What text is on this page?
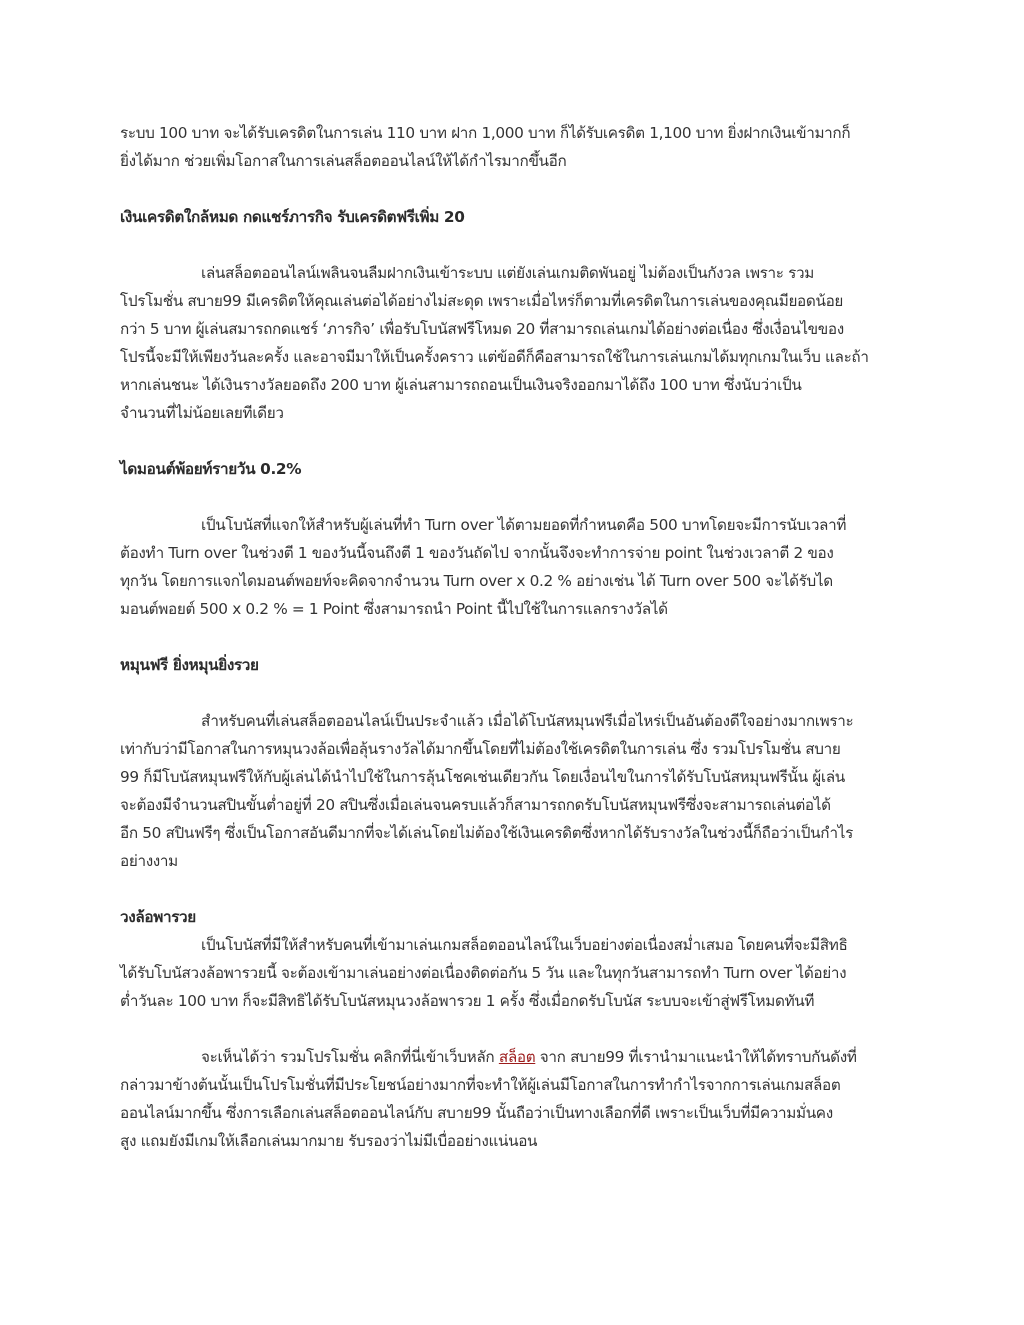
ระบบ 100 บาท จะได้รับเครดิตในการเล่น 110 บาท ฝาก 1,000 บาท ก็ได้รับเครดิต 1,100 บาท ยิ่งฝากเงินเข้ามากก็
ยิ่งได้มาก ช่วยเพิ่มโอกาสในการเล่นสล็อตออนไลน์ให้ได้กำไรมากขึ้นอีก

เงินเครดิตใกล้หมด กดแชร์ภารกิจ รับเครดิตฟรีเพิ่ม 20

เล่นสล็อตออนไลน์เพลินจนลืมฝากเงินเข้าระบบ แต่ยังเล่นเกมติดพันอยู่ ไม่ต้องเป็นกังวล เพราะ รวม
โปรโมชั่น สบาย99 มีเครดิตให้คุณเล่นต่อได้อย่างไม่สะดุด เพราะเมื่อไหร่ก็ตามที่เครดิตในการเล่นของคุณมียอดน้อย
กว่า 5 บาท ผู้เล่นสมารถกดแชร์ ‘ภารกิจ’ เพื่อรับโบนัสฟรีโหมด 20 ที่สามารถเล่นเกมได้อย่างต่อเนื่อง ซึ่งเงื่อนไขของ
โปรนี้จะมีให้เพียงวันละครั้ง และอาจมีมาให้เป็นครั้งคราว แต่ข้อดีก็คือสามารถใช้ในการเล่นเกมได้มทุกเกมในเว็บ และถ้า
หากเล่นชนะ ได้เงินรางวัลยอดถึง 200 บาท ผู้เล่นสามารถถอนเป็นเงินจริงออกมาได้ถึง 100 บาท ซึ่งนับว่าเป็น
จำนวนที่ไม่น้อยเลยทีเดียว

ไดมอนต์พ้อยท์รายวัน 0.2%

เป็นโบนัสที่แจกให้สำหรับผู้เล่นที่ทำ Turn over ได้ตามยอดที่กำหนดคือ 500 บาทโดยจะมีการนับเวลาที่
ต้องทำ Turn over ในช่วงตี 1 ของวันนี้จนถึงตี 1 ของวันถัดไป จากนั้นจึงจะทำการจ่าย point ในช่วงเวลาตี 2 ของ
ทุกวัน โดยการแจกไดมอนต์พอยท์จะคิดจากจำนวน Turn over x 0.2 % อย่างเช่น ได้ Turn over 500 จะได้รับได
มอนต์พอยต์ 500 x 0.2 % = 1 Point ซึ่งสามารถนำ Point นี้ไปใช้ในการแลกรางวัลได้

หมุนฟรี ยิ่งหมุนยิ่งรวย

สำหรับคนที่เล่นสล็อตออนไลน์เป็นประจำแล้ว เมื่อได้โบนัสหมุนฟรีเมื่อไหร่เป็นอันต้องดีใจอย่างมากเพราะ
เท่ากับว่ามีโอกาสในการหมุนวงล้อเพื่อลุ้นรางวัลได้มากขึ้นโดยที่ไม่ต้องใช้เครดิตในการเล่น ซึ่ง รวมโปรโมชั่น สบาย
99 ก็มีโบนัสหมุนฟรีให้กับผู้เล่นได้นำไปใช้ในการลุ้นโชคเช่นเดียวกัน โดยเงื่อนไขในการได้รับโบนัสหมุนฟรีนั้น ผู้เล่น
จะต้องมีจำนวนสปินขั้นต่ำอยู่ที่ 20 สปินซึ่งเมื่อเล่นจนครบแล้วก็สามารถกดรับโบนัสหมุนฟรีซึ่งจะสามารถเล่นต่อได้
อีก 50 สปินฟรีๆ ซึ่งเป็นโอกาสอันดีมากที่จะได้เล่นโดยไม่ต้องใช้เงินเครดิตซึ่งหากได้รับรางวัลในช่วงนี้ก็ถือว่าเป็นกำไร
อย่างงาม

วงล้อพารวย

เป็นโบนัสที่มีให้สำหรับคนที่เข้ามาเล่นเกมสล็อตออนไลน์ในเว็บอย่างต่อเนื่องสม่ำเสมอ โดยคนที่จะมีสิทธิ
ได้รับโบนัสวงล้อพารวยนี้ จะต้องเข้ามาเล่นอย่างต่อเนื่องติดต่อกัน 5 วัน และในทุกวันสามารถทำ Turn over ได้อย่าง
ต่ำวันละ 100 บาท ก็จะมีสิทธิได้รับโบนัสหมุนวงล้อพารวย 1 ครั้ง ซึ่งเมื่อกดรับโบนัส ระบบจะเข้าสู่ฟรีโหมดทันที

จะเห็นได้ว่า รวมโปรโมชั่น คลิกที่นี่เข้าเว็บหลัก สล็อต จาก สบาย99 ที่เรานำมาแนะนำให้ได้ทราบกันดังที่
กล่าวมาข้างต้นนั้นเป็นโปรโมชั่นที่มีประโยชน์อย่างมากที่จะทำให้ผู้เล่นมีโอกาสในการทำกำไรจากการเล่นเกมสล็อต
ออนไลน์มากขึ้น ซึ่งการเลือกเล่นสล็อตออนไลน์กับ สบาย99 นั้นถือว่าเป็นทางเลือกที่ดี เพราะเป็นเว็บที่มีความมั่นคง
สูง แถมยังมีเกมให้เลือกเล่นมากมาย รับรองว่าไม่มีเบื่ออย่างแน่นอน
